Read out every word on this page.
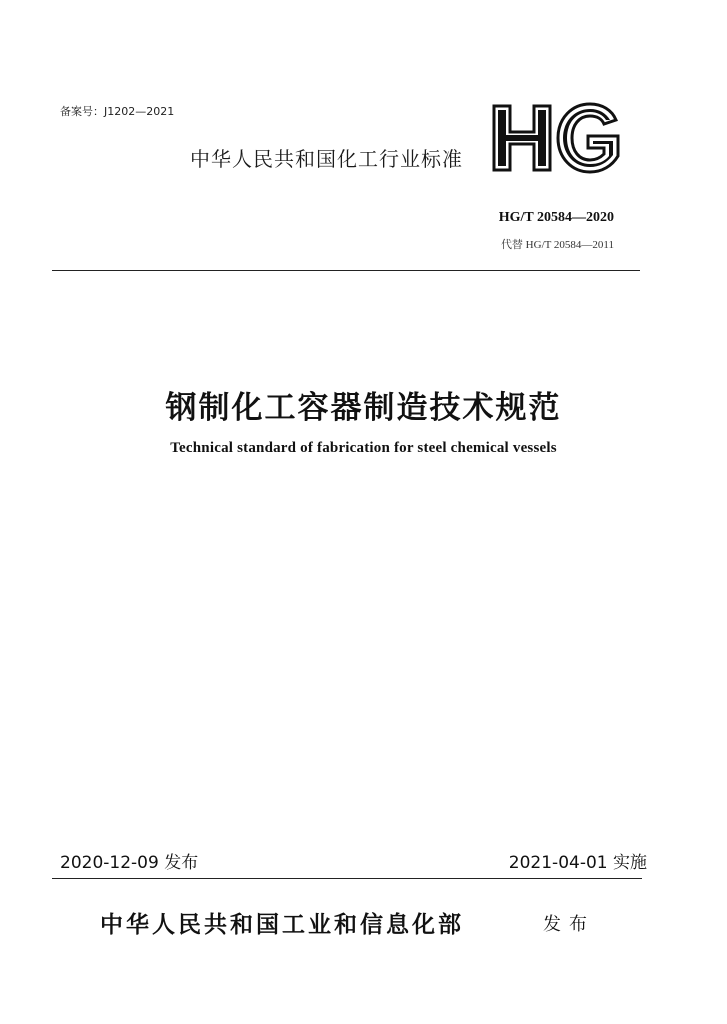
备案号：J1202—2021
中华人民共和国化工行业标准
HG/T 20584—2020
代替 HG/T 20584—2011
钢制化工容器制造技术规范
Technical standard of fabrication for steel chemical vessels
2020-12-09 发布	2021-04-01 实施
中华人民共和国工业和信息化部	发布
